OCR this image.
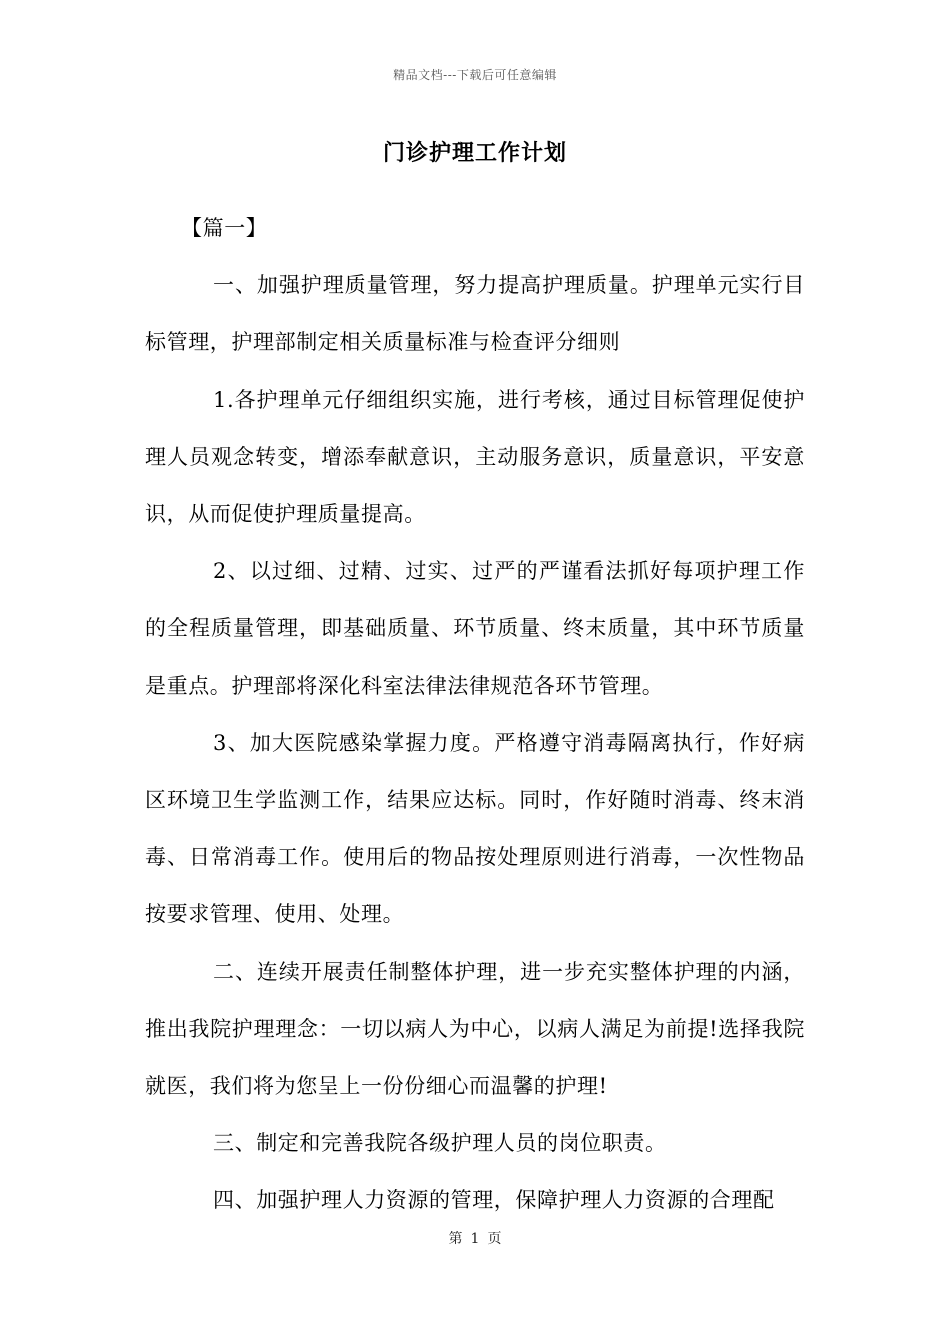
精品文档---下载后可任意编辑
门诊护理工作计划
【篇一】

一、加强护理质量管理，努力提高护理质量。护理单元实行目标管理，护理部制定相关质量标准与检查评分细则

1.各护理单元仔细组织实施，进行考核，通过目标管理促使护理人员观念转变，增添奉献意识，主动服务意识，质量意识，平安意识，从而促使护理质量提高。

2、以过细、过精、过实、过严的严谨看法抓好每项护理工作的全程质量管理，即基础质量、环节质量、终末质量，其中环节质量是重点。护理部将深化科室法律法律规范各环节管理。

3、加大医院感染掌握力度。严格遵守消毒隔离执行，作好病区环境卫生学监测工作，结果应达标。同时，作好随时消毒、终末消毒、日常消毒工作。使用后的物品按处理原则进行消毒，一次性物品按要求管理、使用、处理。

二、连续开展责任制整体护理，进一步充实整体护理的内涵，推出我院护理理念：一切以病人为中心，以病人满足为前提!选择我院就医，我们将为您呈上一份份细心而温馨的护理!

三、制定和完善我院各级护理人员的岗位职责。

四、加强护理人力资源的管理，保障护理人力资源的合理配

第 1 页
